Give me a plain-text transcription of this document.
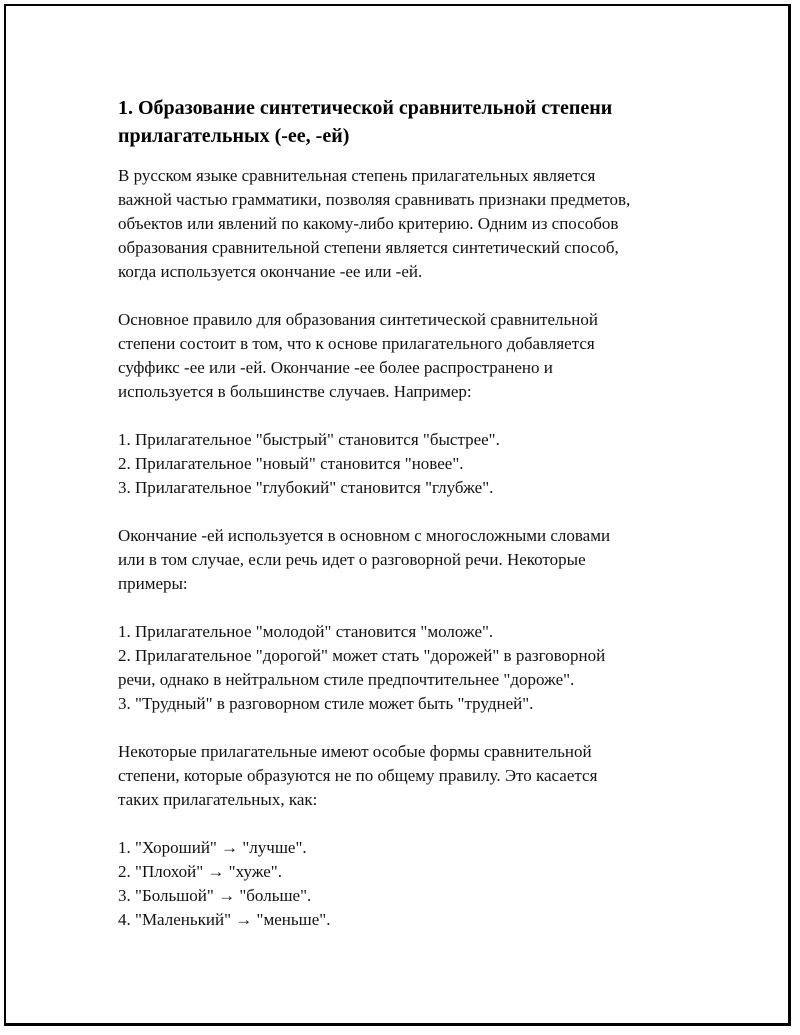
1. Образование синтетической сравнительной степени
прилагательных (-ее, -ей)

В русском языке сравнительная степень прилагательных является
важной частью грамматики, позволяя сравнивать признаки предметов,
объектов или явлений по какому-либо критерию. Одним из способов
образования сравнительной степени является синтетический способ,
когда используется окончание -ее или -ей.

Основное правило для образования синтетической сравнительной
степени состоит в том, что к основе прилагательного добавляется
суффикс -ее или -ей. Окончание -ее более распространено и
используется в большинстве случаев. Например:

1. Прилагательное "быстрый" становится "быстрее".
2. Прилагательное "новый" становится "новее".
3. Прилагательное "глубокий" становится "глубже".

Окончание -ей используется в основном с многосложными словами
или в том случае, если речь идет о разговорной речи. Некоторые
примеры:

1. Прилагательное "молодой" становится "моложе".
2. Прилагательное "дорогой" может стать "дорожей" в разговорной
речи, однако в нейтральном стиле предпочтительнее "дороже".
3. "Трудный" в разговорном стиле может быть "трудней".

Некоторые прилагательные имеют особые формы сравнительной
степени, которые образуются не по общему правилу. Это касается
таких прилагательных, как:

1. "Хороший" → "лучше".
2. "Плохой" → "хуже".
3. "Большой" → "больше".
4. "Маленький" → "меньше".
